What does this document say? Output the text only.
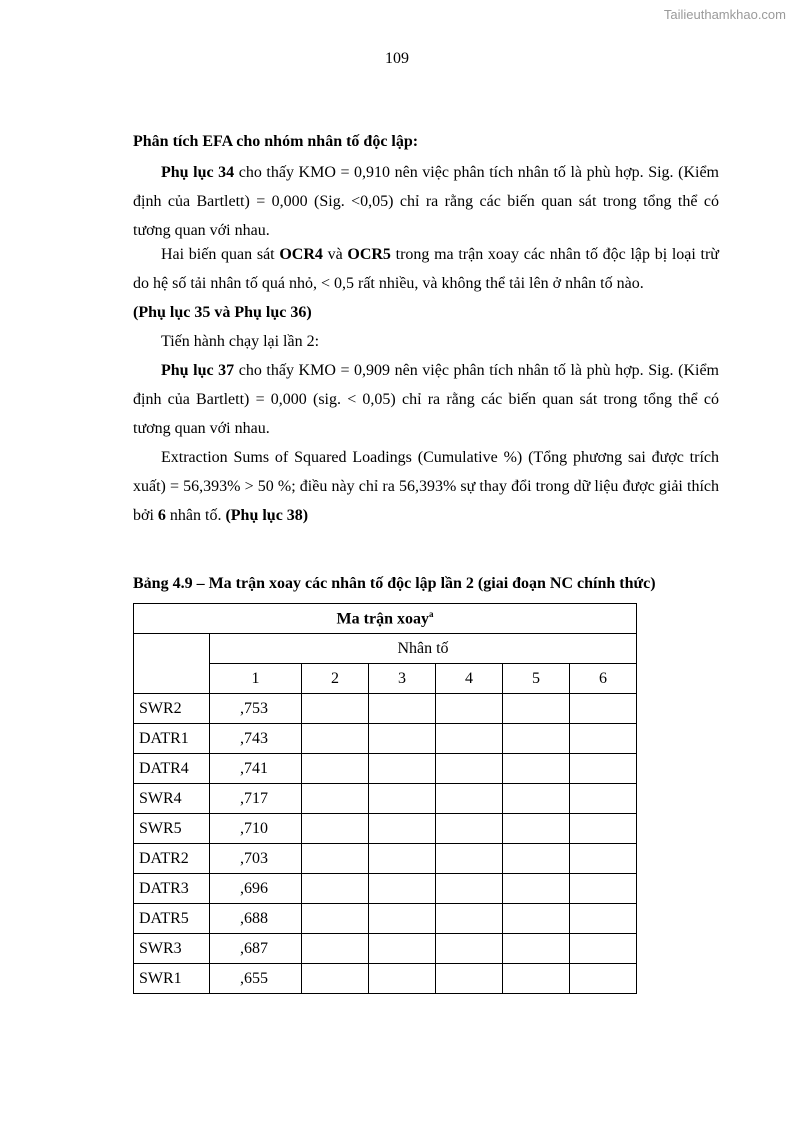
Tailieuthamkhao.com
109
Phân tích EFA cho nhóm nhân tố độc lập:

Phụ lục 34 cho thấy KMO = 0,910 nên việc phân tích nhân tố là phù hợp. Sig. (Kiểm định của Bartlett) = 0,000 (Sig. <0,05) chỉ ra rằng các biến quan sát trong tổng thể có tương quan với nhau.

Hai biến quan sát OCR4 và OCR5 trong ma trận xoay các nhân tố độc lập bị loại trừ do hệ số tải nhân tố quá nhỏ, < 0,5 rất nhiều, và không thể tải lên ở nhân tố nào.

(Phụ lục 35 và Phụ lục 36)

Tiến hành chạy lại lần 2:

Phụ lục 37 cho thấy KMO = 0,909 nên việc phân tích nhân tố là phù hợp. Sig. (Kiểm định của Bartlett) = 0,000 (sig. < 0,05) chỉ ra rằng các biến quan sát trong tổng thể có tương quan với nhau.

Extraction Sums of Squared Loadings (Cumulative %) (Tổng phương sai được trích xuất) = 56,393% > 50 %; điều này chỉ ra 56,393% sự thay đổi trong dữ liệu được giải thích bởi 6 nhân tố. (Phụ lục 38)

Bảng 4.9 – Ma trận xoay các nhân tố độc lập lần 2 (giai đoạn NC chính thức)
Ma trận xoay$^a$
	Nhân tố					
	1	2	3	4	5	6
SWR2	,753					
DATR1	,743					
DATR4	,741					
SWR4	,717					
SWR5	,710					
DATR2	,703					
DATR3	,696					
DATR5	,688					
SWR3	,687					
SWR1	,655					
